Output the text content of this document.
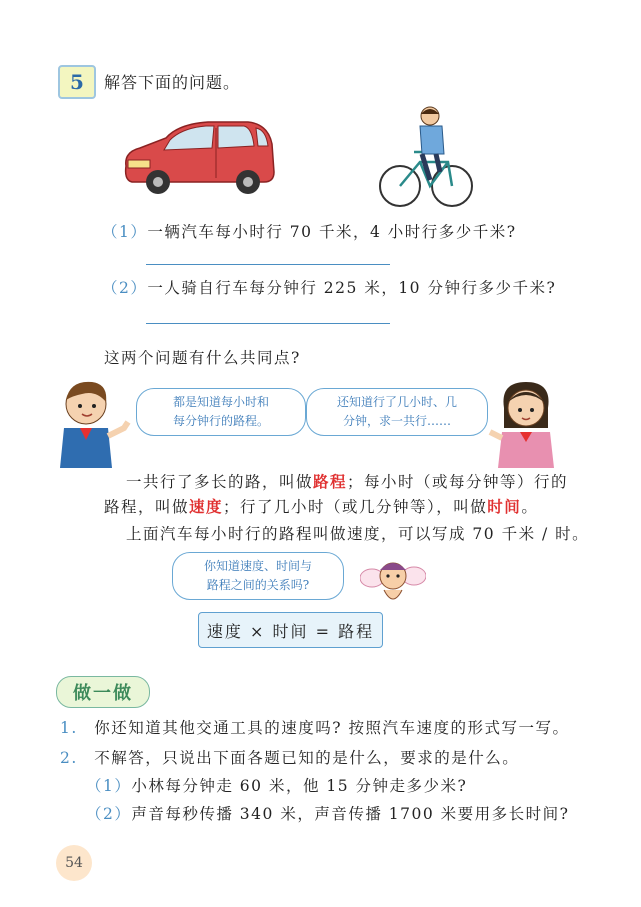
5	解答下面的问题。
（1）一辆汽车每小时行 70 千米，4 小时行多少千米?
（2）一人骑自行车每分钟行 225 米，10 分钟行多少千米?
这两个问题有什么共同点?
都是知道每小时和
每分钟行的路程。
还知道行了几小时、几
分钟，求一共行……
一共行了多长的路，叫做路程；每小时（或每分钟等）行的
路程，叫做速度；行了几小时（或几分钟等），叫做时间。
上面汽车每小时行的路程叫做速度，可以写成 70 千米 / 时。
你知道速度、时间与
路程之间的关系吗?
速度 × 时间 = 路程
做一做
1. 你还知道其他交通工具的速度吗? 按照汽车速度的形式写一写。
2. 不解答，只说出下面各题已知的是什么，要求的是什么。
（1）小林每分钟走 60 米，他 15 分钟走多少米?
（2）声音每秒传播 340 米，声音传播 1700 米要用多长时间?
54
